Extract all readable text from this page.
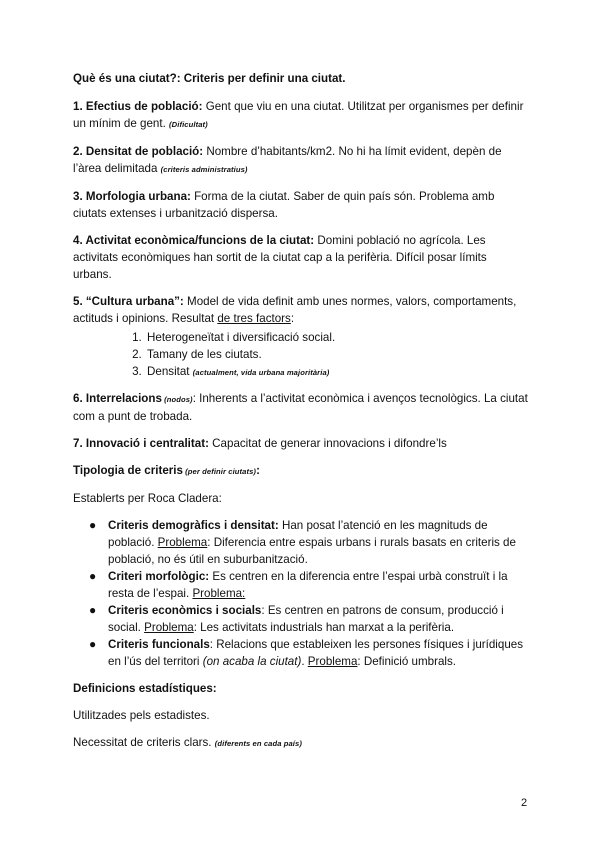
Què és una ciutat?: Criteris per definir una ciutat.

1. Efectius de població: Gent que viu en una ciutat. Utilitzat per organismes per definir un mínim de gent. (Dificultat)

2. Densitat de població: Nombre d’habitants/km2. No hi ha límit evident, depèn de l’àrea delimitada (criteris administratius)

3. Morfologia urbana: Forma de la ciutat. Saber de quin país són. Problema amb ciutats extenses i urbanització dispersa.

4. Activitat econòmica/funcions de la ciutat: Domini població no agrícola. Les activitats econòmiques han sortit de la ciutat cap a la perifèria. Difícil posar límits urbans.

5. “Cultura urbana”: Model de vida definit amb unes normes, valors, comportaments, actituds i opinions. Resultat de tres factors:

1. Heterogeneïtat i diversificació social.
2. Tamany de les ciutats.
3. Densitat (actualment, vida urbana majoritària)

6. Interrelacions (nodos): Inherents a l’activitat econòmica i avenços tecnològics. La ciutat com a punt de trobada.

7. Innovació i centralitat: Capacitat de generar innovacions i difondre’ls

Tipologia de criteris (per definir ciutats):

Establerts per Roca Cladera:

● Criteris demogràfics i densitat: Han posat l’atenció en les magnituds de població. Problema: Diferencia entre espais urbans i rurals basats en criteris de població, no és útil en suburbanització.
● Criteri morfològic: Es centren en la diferencia entre l’espai urbà construït i la resta de l’espai. Problema:
● Criteris econòmics i socials: Es centren en patrons de consum, producció i social. Problema: Les activitats industrials han marxat a la perifèria.
● Criteris funcionals: Relacions que estableixen les persones físiques i jurídiques en l’ús del territori (on acaba la ciutat). Problema: Definició umbrals.

Definicions estadístiques:

Utilitzades pels estadistes.

Necessitat de criteris clars. (diferents en cada país)

2
